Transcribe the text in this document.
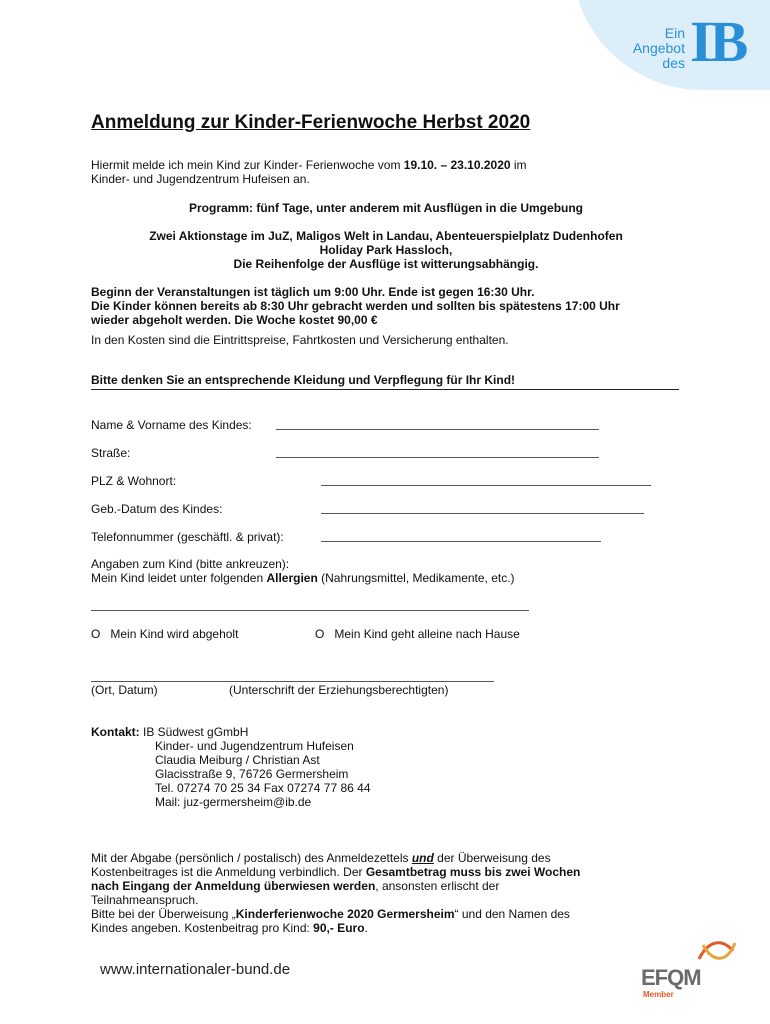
Ein
Angebot
des IB
Anmeldung zur Kinder-Ferienwoche Herbst 2020
Hiermit melde ich mein Kind zur Kinder- Ferienwoche vom 19.10. – 23.10.2020 im
Kinder- und Jugendzentrum Hufeisen an.
Programm: fünf Tage, unter anderem mit Ausflügen in die Umgebung
Zwei Aktionstage im JuZ, Maligos Welt in Landau, Abenteuerspielplatz Dudenhofen
Holiday Park Hassloch,
Die Reihenfolge der Ausflüge ist witterungsabhängig.
Beginn der Veranstaltungen ist täglich um 9:00 Uhr. Ende ist gegen 16:30 Uhr.
Die Kinder können bereits ab 8:30 Uhr gebracht werden und sollten bis spätestens 17:00 Uhr
wieder abgeholt werden. Die Woche kostet 90,00 €
In den Kosten sind die Eintrittspreise, Fahrtkosten und Versicherung enthalten.
Bitte denken Sie an entsprechende Kleidung und Verpflegung für Ihr Kind!
Name & Vorname des Kindes:
Straße:
PLZ & Wohnort:
Geb.-Datum des Kindes:
Telefonnummer (geschäftl. & privat):
Angaben zum Kind (bitte ankreuzen):
Mein Kind leidet unter folgenden Allergien (Nahrungsmittel, Medikamente, etc.)
O Mein Kind wird abgeholt	O Mein Kind geht alleine nach Hause
(Ort, Datum)	(Unterschrift der Erziehungsberechtigten)
Kontakt: IB Südwest gGmbH
Kinder- und Jugendzentrum Hufeisen
Claudia Meiburg / Christian Ast
Glacisstraße 9, 76726 Germersheim
Tel. 07274 70 25 34 Fax 07274 77 86 44
Mail: juz-germersheim@ib.de
Mit der Abgabe (persönlich / postalisch) des Anmeldezettels und der Überweisung des
Kostenbeitrages ist die Anmeldung verbindlich. Der Gesamtbetrag muss bis zwei Wochen
nach Eingang der Anmeldung überwiesen werden, ansonsten erlischt der
Teilnahmeanspruch.
Bitte bei der Überweisung „Kinderferienwoche 2020 Germersheim“ und den Namen des
Kindes angeben. Kostenbeitrag pro Kind: 90,- Euro.
www.internationaler-bund.de	EFQM
Member
